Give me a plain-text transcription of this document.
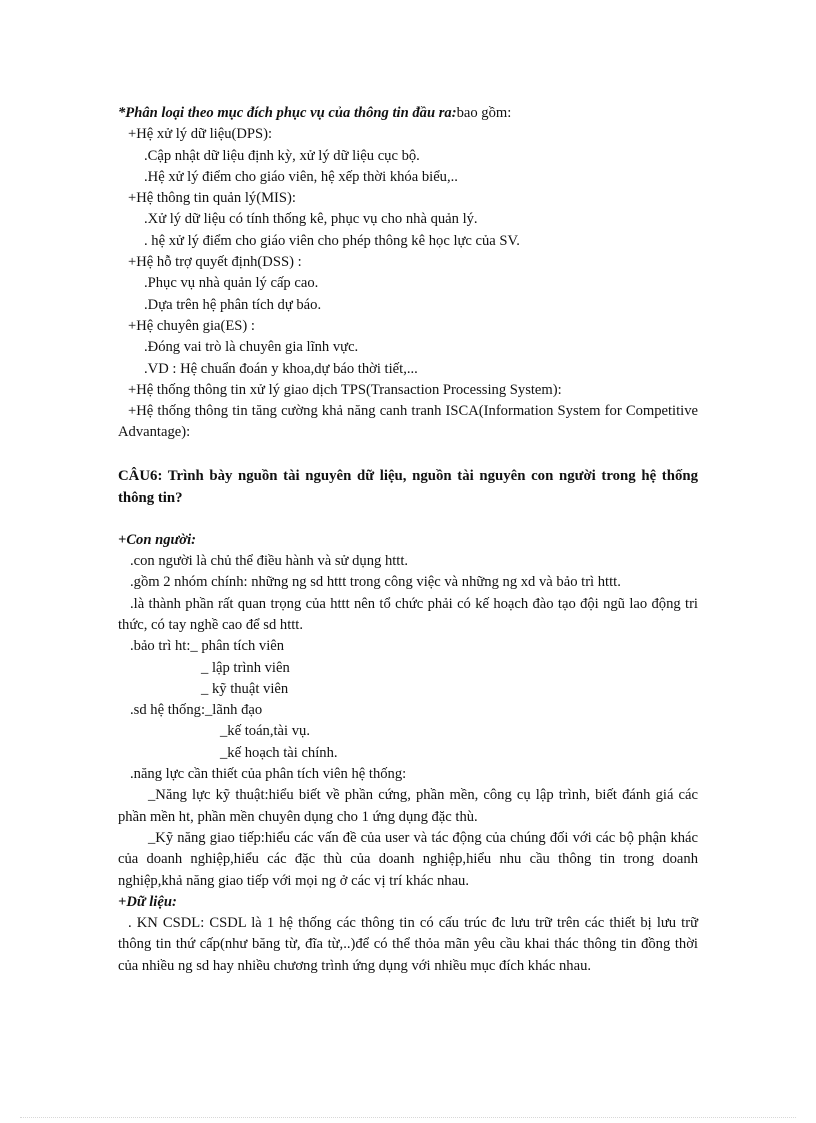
*Phân loại theo mục đích phục vụ của thông tin đầu ra:bao gồm:
+Hệ xử lý dữ liệu(DPS):
.Cập nhật dữ liệu định kỳ, xử lý dữ liệu cục bộ.
.Hệ xử lý điểm cho giáo viên, hệ xếp thời khóa biểu,..
+Hệ thông tin quản lý(MIS):
.Xử lý dữ liệu có tính thống kê, phục vụ cho nhà quản lý.
. hệ xử lý điểm cho giáo viên cho phép thông kê học lực của SV.
+Hệ hỗ trợ quyết định(DSS) :
.Phục vụ nhà quản lý cấp cao.
.Dựa trên hệ phân tích dự báo.
+Hệ chuyên gia(ES) :
.Đóng vai trò là chuyên gia lĩnh vực.
.VD : Hệ chuẩn đoán y khoa,dự báo thời tiết,...
+Hệ thống thông tin xử lý giao dịch TPS(Transaction Processing System):
+Hệ thống thông tin tăng cường khả năng canh tranh ISCA(Information System for Competitive Advantage):
CÂU6: Trình bày nguồn tài nguyên dữ liệu, nguồn tài nguyên con người trong hệ thống thông tin?
+Con người:
.con người là chủ thể điều hành và sử dụng httt.
.gồm 2 nhóm chính: những ng sd httt trong công việc và những ng xd và bảo trì httt.
.là thành phần rất quan trọng của httt nên tổ chức phải có kế hoạch đào tạo đội ngũ lao động tri thức, có tay nghề cao để sd httt.
.bảo trì ht:_ phân tích viên
_ lập trình viên
_ kỹ thuật viên
.sd hệ thống:_lãnh đạo
_kế toán,tài vụ.
_kế hoạch tài chính.
.năng lực cần thiết của phân tích viên hệ thống:
_Năng lực kỹ thuật:hiểu biết về phần cứng, phần mền, công cụ lập trình, biết đánh giá các phần mền ht, phần mền chuyên dụng cho 1 ứng dụng đặc thù.
_Kỹ năng giao tiếp:hiểu các vấn đề của user và tác động của chúng đối với các bộ phận khác của doanh nghiệp,hiểu các đặc thù của doanh nghiệp,hiểu nhu cầu thông tin trong doanh nghiệp,khả năng giao tiếp với mọi ng ở các vị trí khác nhau.
+Dữ liệu:
. KN CSDL: CSDL là 1 hệ thống các thông tin có cấu trúc đc lưu trữ trên các thiết bị lưu trữ thông tin thứ cấp(như băng từ, đĩa từ,..)để có thể thỏa mãn yêu cầu khai thác thông tin đồng thời của nhiều ng sd hay nhiều chương trình ứng dụng với nhiều mục đích khác nhau.
